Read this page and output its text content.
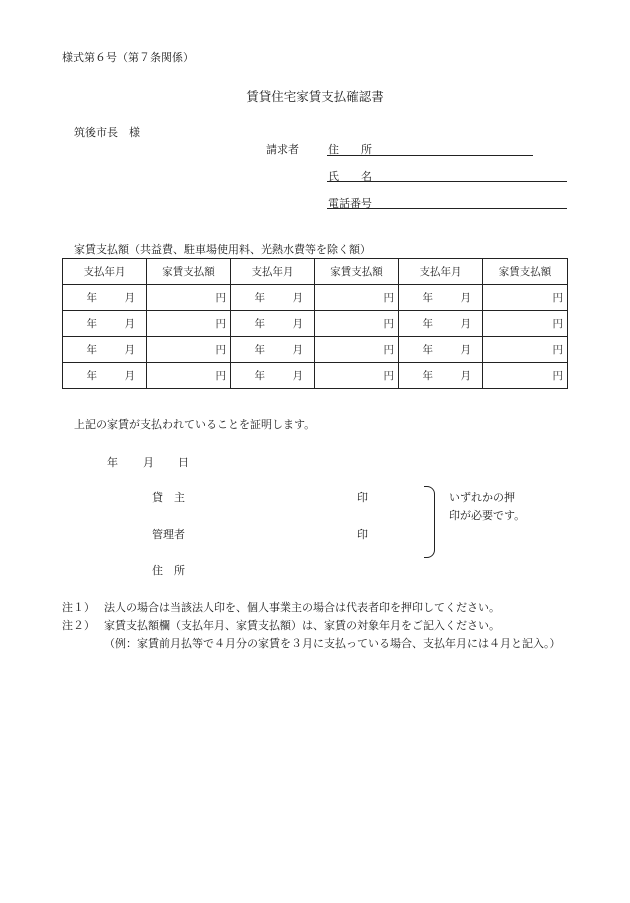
様式第６号（第７条関係）
賃貸住宅家賃支払確認書
筑後市長　様
請求者	住　　所
氏　　名
電話番号
家賃支払額（共益費、駐車場使用料、光熱水費等を除く額）
支払年月	家賃支払額	支払年月	家賃支払額	支払年月	家賃支払額
年 月	円	年 月	円	年 月	円
年 月	円	年 月	円	年 月	円
年 月	円	年 月	円	年 月	円
年 月	円	年 月	円	年 月	円
上記の家賃が支払われていることを証明します。
年 月 日
貸　主	印
管理者	印
住　所
いずれかの押
印が必要です。
注１） 法人の場合は当該法人印を、個人事業主の場合は代表者印を押印してください。
注２） 家賃支払額欄（支払年月、家賃支払額）は、家賃の対象年月をご記入ください。
（例：家賃前月払等で４月分の家賃を３月に支払っている場合、支払年月には４月と記入。）
